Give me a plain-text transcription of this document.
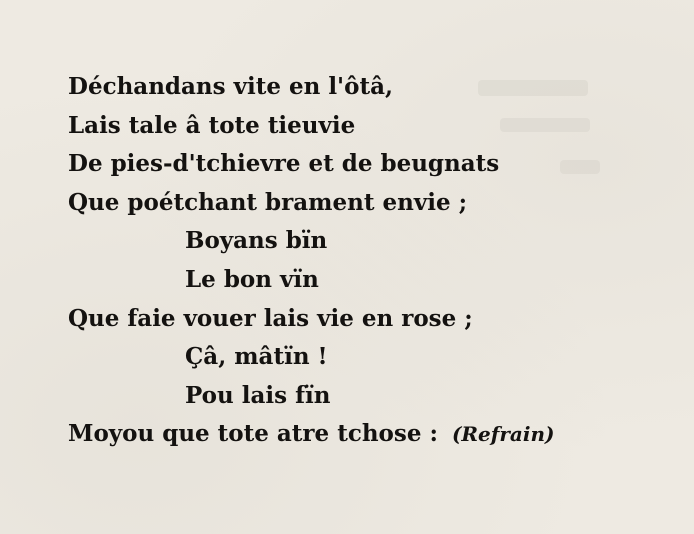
Déchandans vite en l'ôtâ,
Lais tale â tote tieuvie
De pies-d'tchievre et de beugnats
Que poétchant brament envie ;
Boyans bïn
Le bon vïn
Que faie vouer lais vie en rose ;
Çâ, mâtïn !
Pou lais fïn
Moyou que tote atre tchose : (Refrain)
